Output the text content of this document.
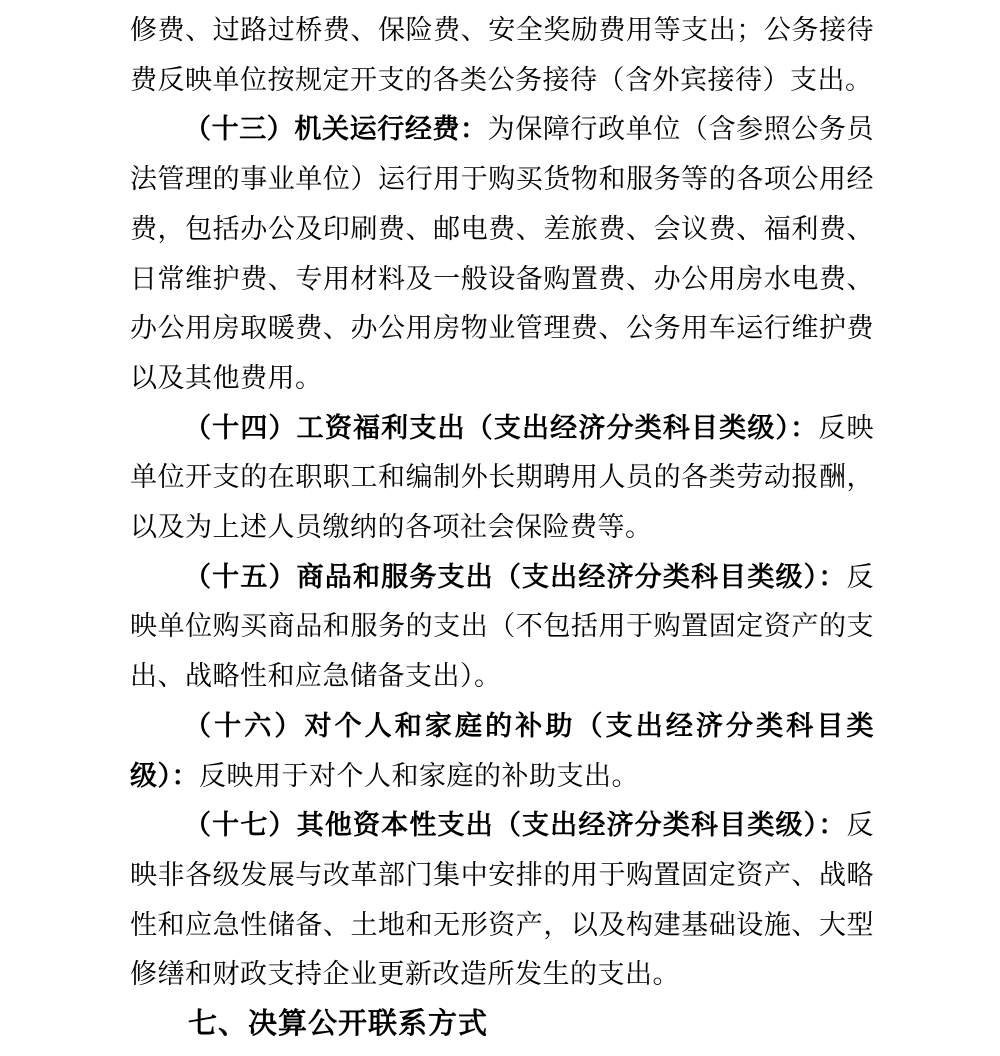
修费、过路过桥费、保险费、安全奖励费用等支出；公务接待费反映单位按规定开支的各类公务接待（含外宾接待）支出。

（十三）机关运行经费：为保障行政单位（含参照公务员法管理的事业单位）运行用于购买货物和服务等的各项公用经费，包括办公及印刷费、邮电费、差旅费、会议费、福利费、日常维护费、专用材料及一般设备购置费、办公用房水电费、办公用房取暖费、办公用房物业管理费、公务用车运行维护费以及其他费用。

（十四）工资福利支出（支出经济分类科目类级）：反映单位开支的在职职工和编制外长期聘用人员的各类劳动报酬，以及为上述人员缴纳的各项社会保险费等。

（十五）商品和服务支出（支出经济分类科目类级）：反映单位购买商品和服务的支出（不包括用于购置固定资产的支出、战略性和应急储备支出）。

（十六）对个人和家庭的补助（支出经济分类科目类级）：反映用于对个人和家庭的补助支出。

（十七）其他资本性支出（支出经济分类科目类级）：反映非各级发展与改革部门集中安排的用于购置固定资产、战略性和应急性储备、土地和无形资产，以及构建基础设施、大型修缮和财政支持企业更新改造所发生的支出。

七、决算公开联系方式
